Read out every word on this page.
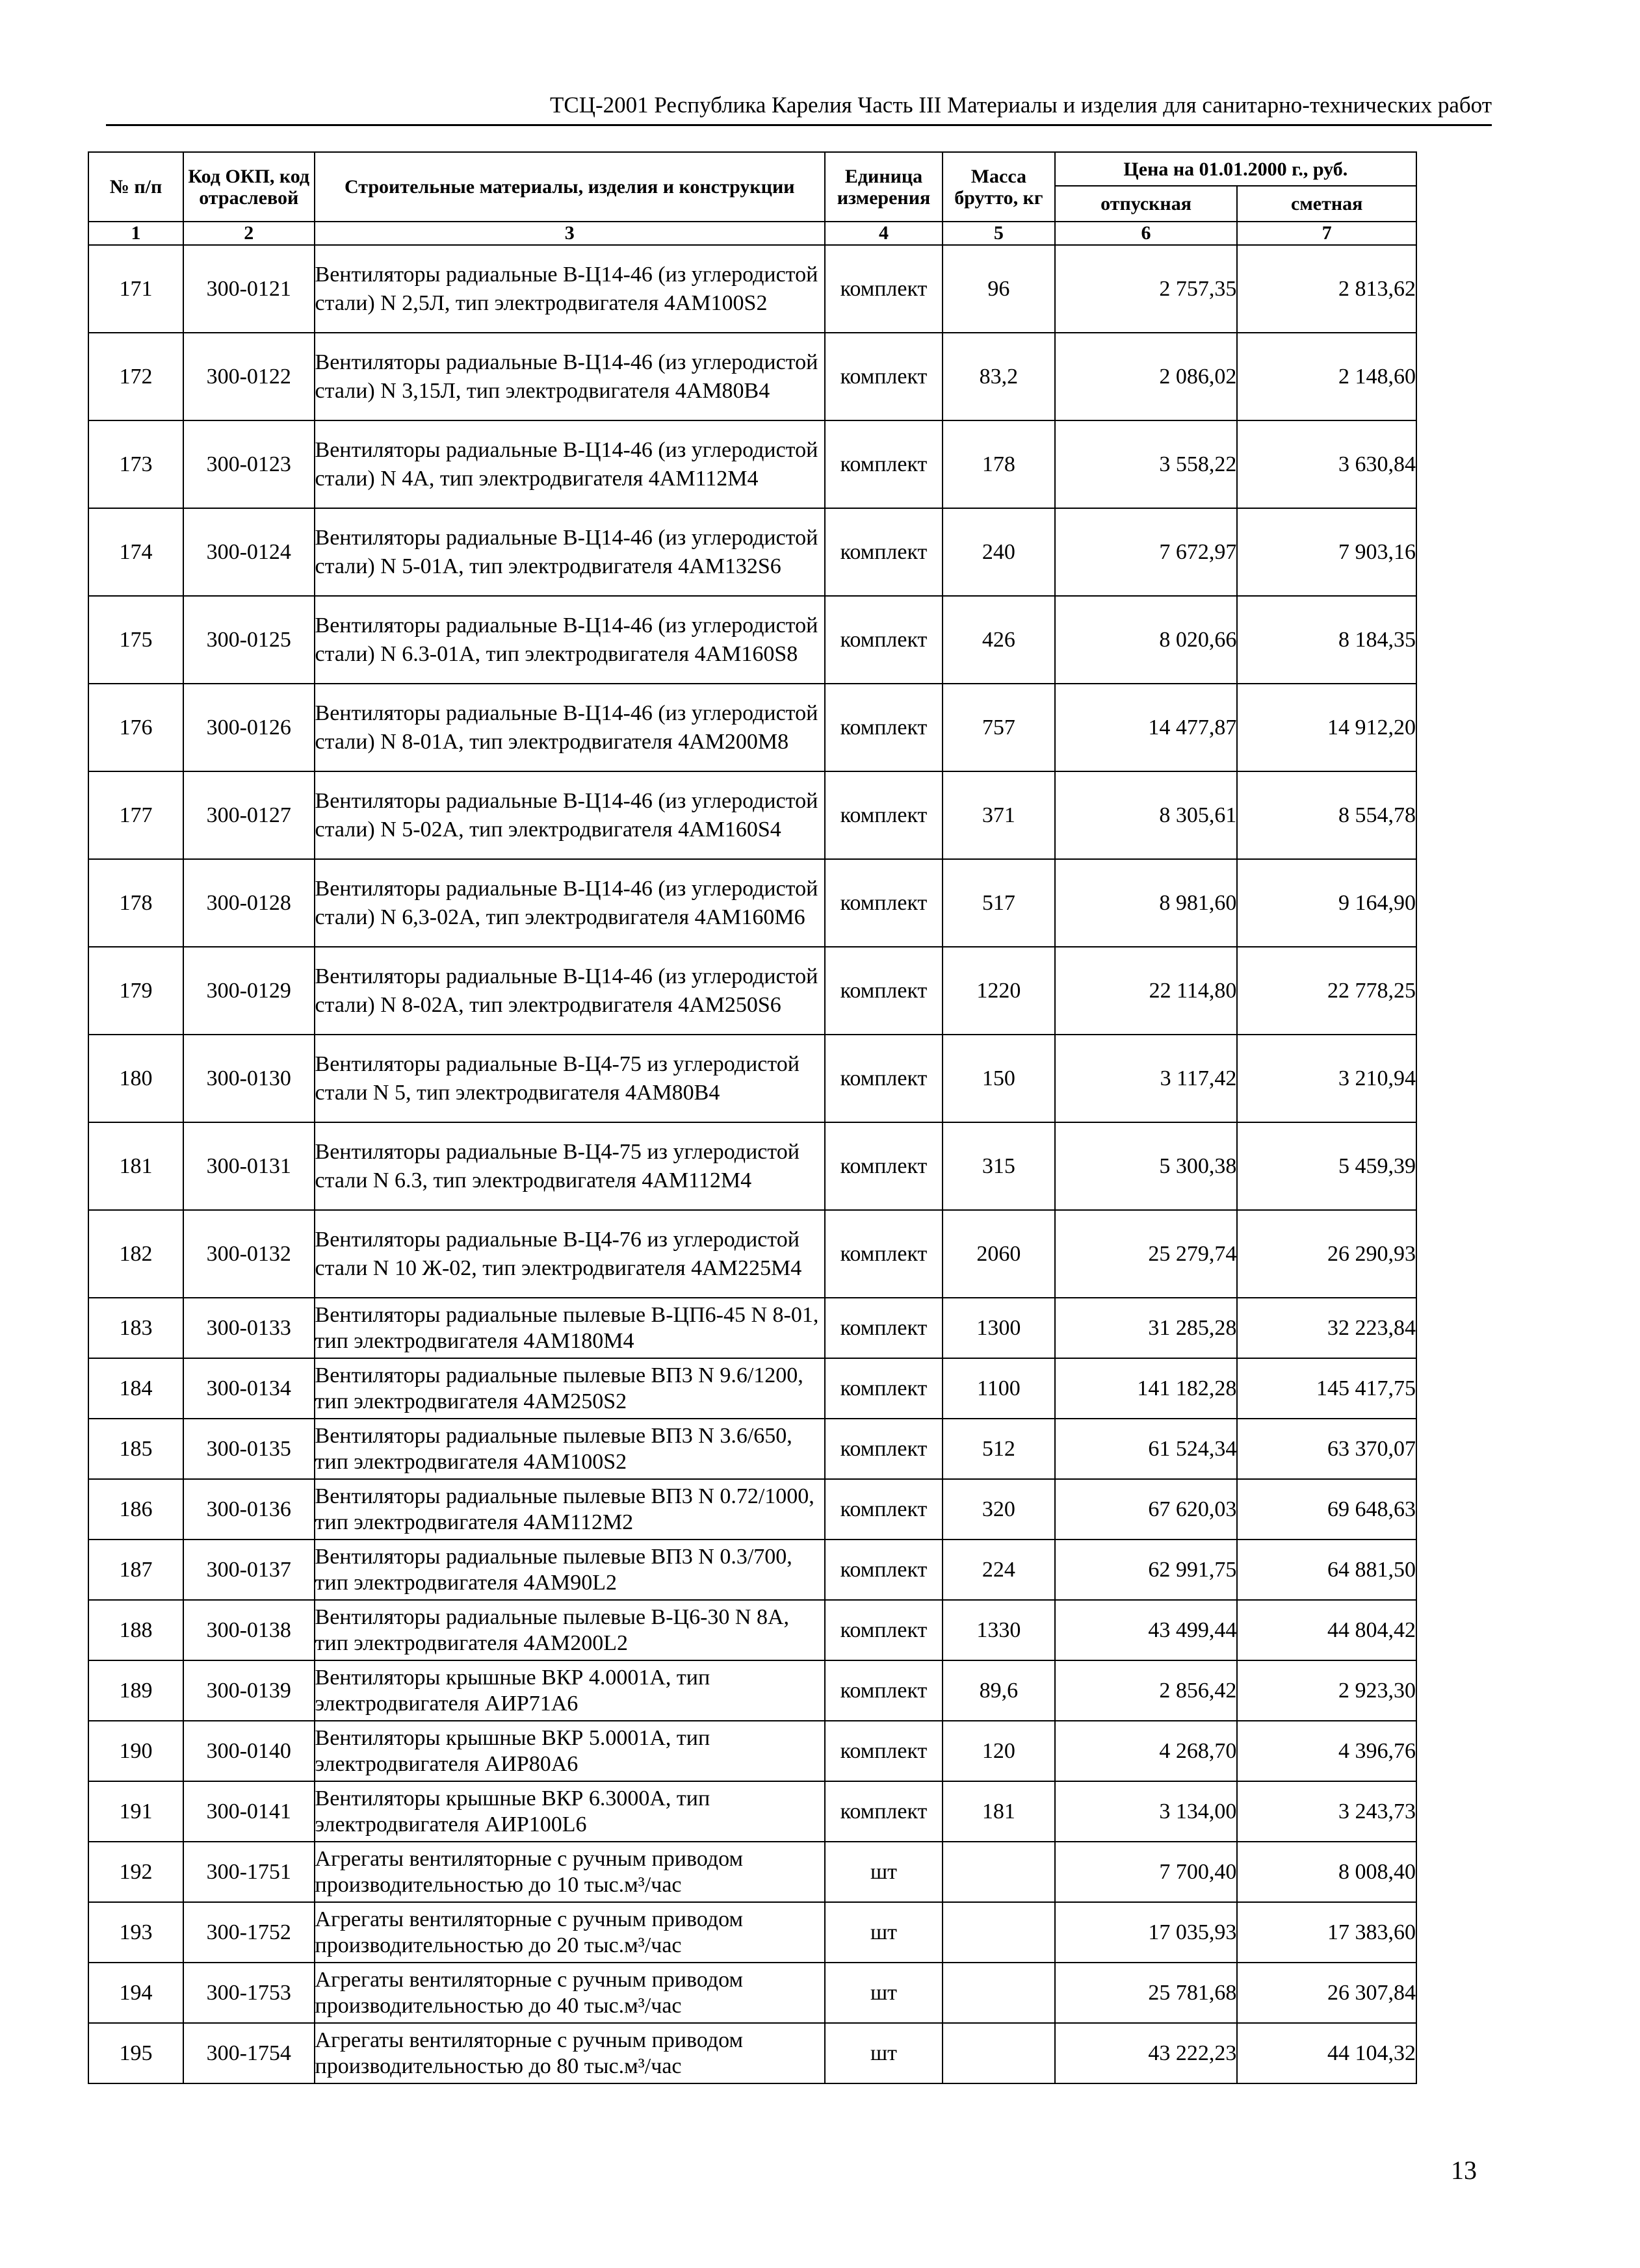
ТСЦ-2001 Республика Карелия Часть III Материалы и изделия для санитарно-технических работ
№ п/п	Код ОКП, код отраслевой	Строительные материалы, изделия и конструкции	Единица измерения	Масса брутто, кг	Цена на 01.01.2000 г., руб.	
					отпускная	сметная
1	2	3	4	5	6	7
171	300-0121	Вентиляторы радиальные В-Ц14-46 (из углеродистой стали) N 2,5Л, тип электродвигателя 4АМ100S2	комплект	96	2 757,35	2 813,62
172	300-0122	Вентиляторы радиальные В-Ц14-46 (из углеродистой стали) N 3,15Л, тип электродвигателя 4АМ80В4	комплект	83,2	2 086,02	2 148,60
173	300-0123	Вентиляторы радиальные В-Ц14-46 (из углеродистой стали) N 4А, тип электродвигателя 4АМ112М4	комплект	178	3 558,22	3 630,84
174	300-0124	Вентиляторы радиальные В-Ц14-46 (из углеродистой стали) N 5-01А, тип электродвигателя 4АМ132S6	комплект	240	7 672,97	7 903,16
175	300-0125	Вентиляторы радиальные В-Ц14-46 (из углеродистой стали) N 6.3-01А, тип электродвигателя 4АМ160S8	комплект	426	8 020,66	8 184,35
176	300-0126	Вентиляторы радиальные В-Ц14-46 (из углеродистой стали) N 8-01А, тип электродвигателя 4АМ200М8	комплект	757	14 477,87	14 912,20
177	300-0127	Вентиляторы радиальные В-Ц14-46 (из углеродистой стали) N 5-02А, тип электродвигателя 4АМ160S4	комплект	371	8 305,61	8 554,78
178	300-0128	Вентиляторы радиальные В-Ц14-46 (из углеродистой стали) N 6,3-02А, тип электродвигателя 4АМ160М6	комплект	517	8 981,60	9 164,90
179	300-0129	Вентиляторы радиальные В-Ц14-46 (из углеродистой стали) N 8-02А, тип электродвигателя 4АМ250S6	комплект	1220	22 114,80	22 778,25
180	300-0130	Вентиляторы радиальные В-Ц4-75 из углеродистой стали N 5, тип электродвигателя 4АМ80В4	комплект	150	3 117,42	3 210,94
181	300-0131	Вентиляторы радиальные В-Ц4-75 из углеродистой стали N 6.3, тип электродвигателя 4АМ112М4	комплект	315	5 300,38	5 459,39
182	300-0132	Вентиляторы радиальные В-Ц4-76 из углеродистой стали N 10 Ж-02, тип электродвигателя 4АМ225М4	комплект	2060	25 279,74	26 290,93
183	300-0133	Вентиляторы радиальные пылевые В-ЦП6-45 N 8-01, тип электродвигателя 4АМ180М4	комплект	1300	31 285,28	32 223,84
184	300-0134	Вентиляторы радиальные пылевые ВП3 N 9.6/1200, тип электродвигателя 4АМ250S2	комплект	1100	141 182,28	145 417,75
185	300-0135	Вентиляторы радиальные пылевые ВП3 N 3.6/650, тип электродвигателя 4АМ100S2	комплект	512	61 524,34	63 370,07
186	300-0136	Вентиляторы радиальные пылевые ВП3 N 0.72/1000, тип электродвигателя 4АМ112М2	комплект	320	67 620,03	69 648,63
187	300-0137	Вентиляторы радиальные пылевые ВП3 N 0.3/700, тип электродвигателя 4АМ90L2	комплект	224	62 991,75	64 881,50
188	300-0138	Вентиляторы радиальные пылевые В-Ц6-30 N 8А, тип электродвигателя 4АМ200L2	комплект	1330	43 499,44	44 804,42
189	300-0139	Вентиляторы крышные ВКР 4.0001А, тип электродвигателя АИР71А6	комплект	89,6	2 856,42	2 923,30
190	300-0140	Вентиляторы крышные ВКР 5.0001А, тип электродвигателя АИР80А6	комплект	120	4 268,70	4 396,76
191	300-0141	Вентиляторы крышные ВКР 6.3000А, тип электродвигателя АИР100L6	комплект	181	3 134,00	3 243,73
192	300-1751	Агрегаты вентиляторные с ручным приводом производительностью до 10 тыс.м³/час	шт		7 700,40	8 008,40
193	300-1752	Агрегаты вентиляторные с ручным приводом производительностью до 20 тыс.м³/час	шт		17 035,93	17 383,60
194	300-1753	Агрегаты вентиляторные с ручным приводом производительностью до 40 тыс.м³/час	шт		25 781,68	26 307,84
195	300-1754	Агрегаты вентиляторные с ручным приводом производительностью до 80 тыс.м³/час	шт		43 222,23	44 104,32
13
